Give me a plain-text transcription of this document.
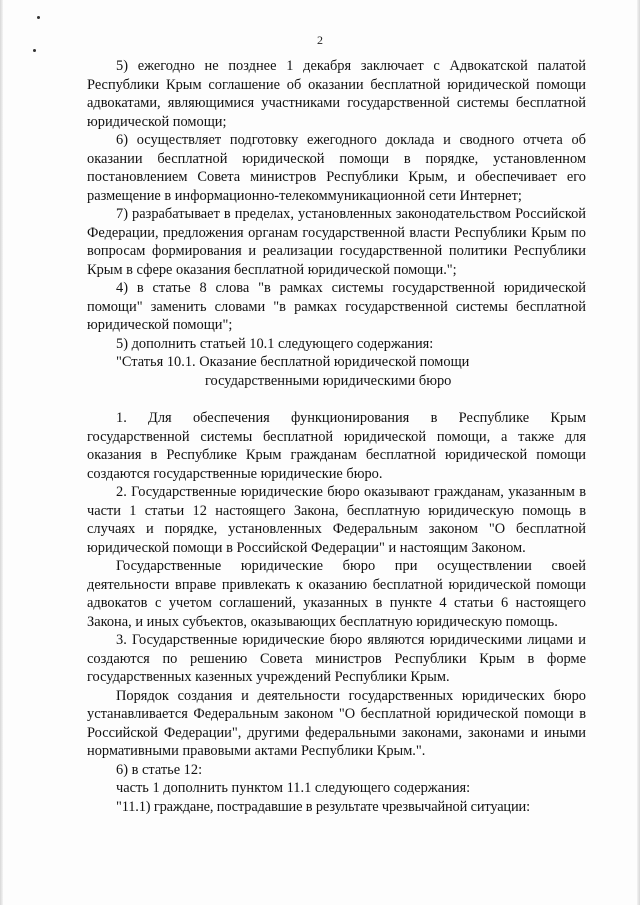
2

5) ежегодно не позднее 1 декабря заключает с Адвокатской палатой Республики Крым соглашение об оказании бесплатной юридической помощи адвокатами, являющимися участниками государственной системы бесплатной юридической помощи;

6) осуществляет подготовку ежегодного доклада и сводного отчета об оказании бесплатной юридической помощи в порядке, установленном постановлением Совета министров Республики Крым, и обеспечивает его размещение в информационно-телекоммуникационной сети Интернет;

7) разрабатывает в пределах, установленных законодательством Российской Федерации, предложения органам государственной власти Республики Крым по вопросам формирования и реализации государственной политики Республики Крым в сфере оказания бесплатной юридической помощи.";

4) в статье 8 слова "в рамках системы государственной юридической помощи" заменить словами "в рамках государственной системы бесплатной юридической помощи";

5) дополнить статьей 10.1 следующего содержания:

"Статья 10.1. Оказание бесплатной юридической помощи
государственными юридическими бюро

1. Для обеспечения функционирования в Республике Крым государственной системы бесплатной юридической помощи, а также для оказания в Республике Крым гражданам бесплатной юридической помощи создаются государственные юридические бюро.

2. Государственные юридические бюро оказывают гражданам, указанным в части 1 статьи 12 настоящего Закона, бесплатную юридическую помощь в случаях и порядке, установленных Федеральным законом "О бесплатной юридической помощи в Российской Федерации" и настоящим Законом.

Государственные юридические бюро при осуществлении своей деятельности вправе привлекать к оказанию бесплатной юридической помощи адвокатов с учетом соглашений, указанных в пункте 4 статьи 6 настоящего Закона, и иных субъектов, оказывающих бесплатную юридическую помощь.

3. Государственные юридические бюро являются юридическими лицами и создаются по решению Совета министров Республики Крым в форме государственных казенных учреждений Республики Крым.

Порядок создания и деятельности государственных юридических бюро устанавливается Федеральным законом "О бесплатной юридической помощи в Российской Федерации", другими федеральными законами, законами и иными нормативными правовыми актами Республики Крым.".

6) в статье 12:

часть 1 дополнить пунктом 11.1 следующего содержания:

"11.1) граждане, пострадавшие в результате чрезвычайной ситуации:
